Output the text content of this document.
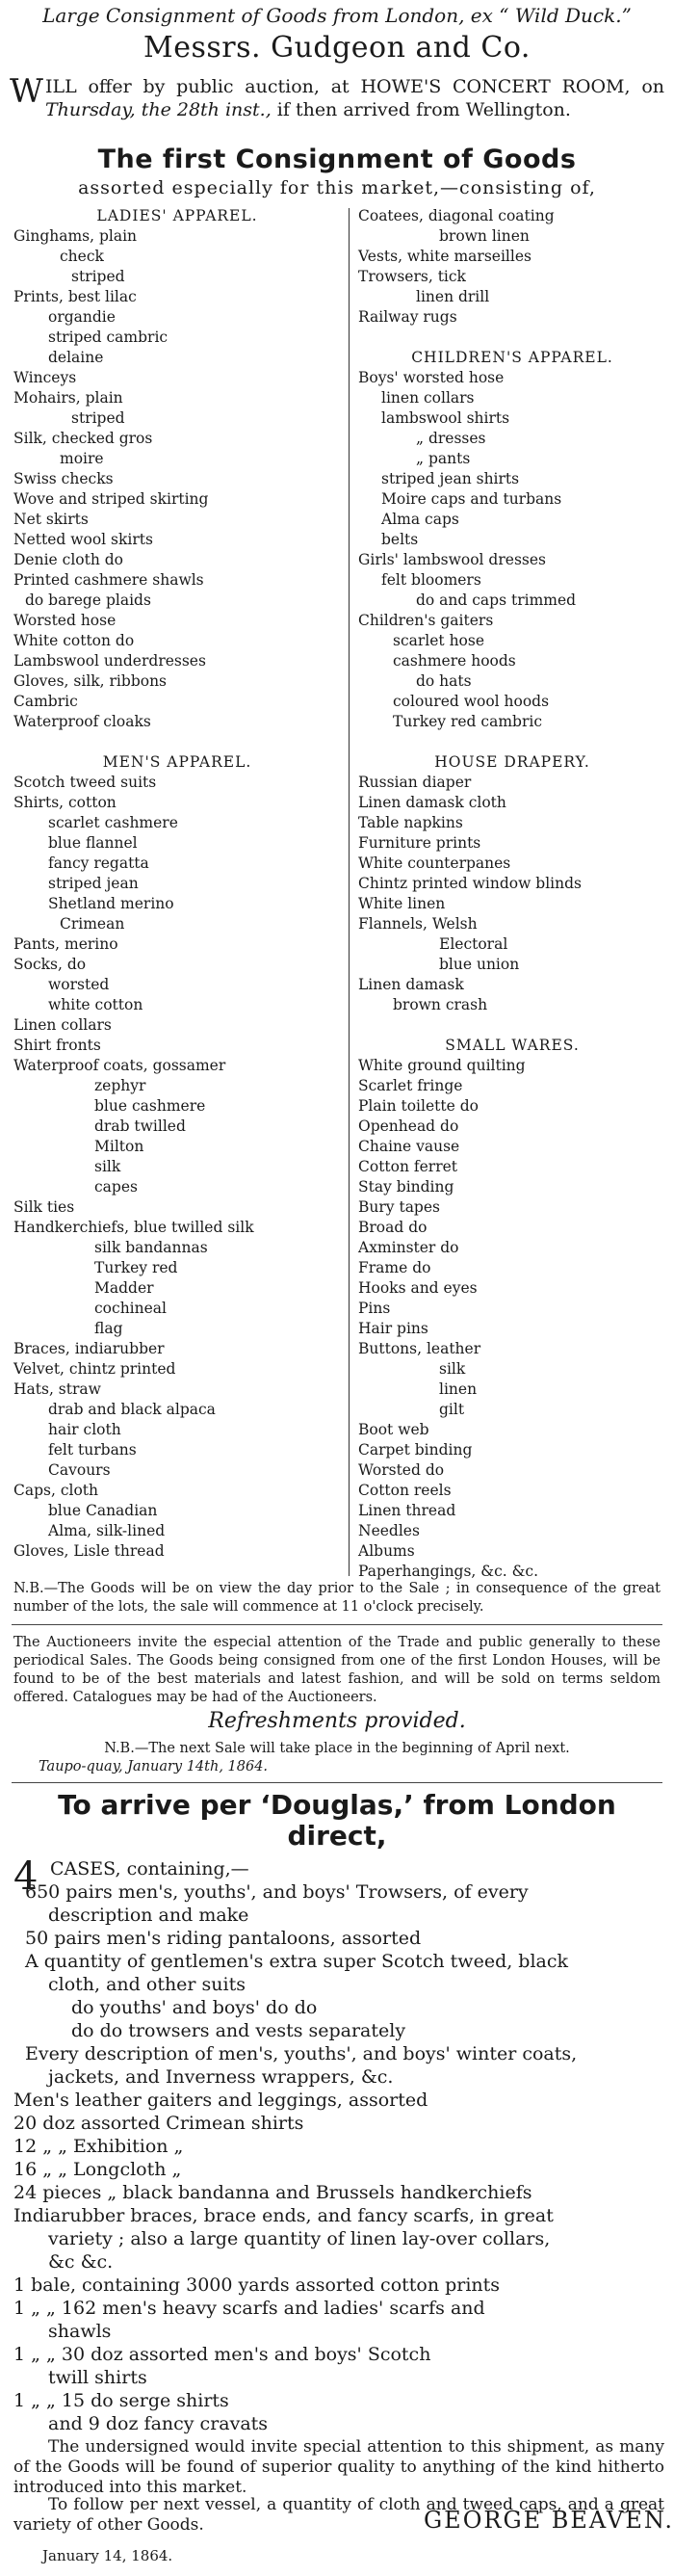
Large Consignment of Goods from London, ex “ Wild Duck.”
Messrs. Gudgeon and Co.
W ILL offer by public auction, at HOWE'S CONCERT ROOM, on Thursday, the 28th inst., if then arrived from Wellington.
The first Consignment of Goods
assorted especially for this market,—consisting of,
LADIES' APPAREL.
Ginghams, plain
check
striped
Prints, best lilac
organdie
striped cambric
delaine
Winceys
Mohairs, plain
striped
Silk, checked gros
moire
Swiss checks
Wove and striped skirting
Net skirts
Netted wool skirts
Denie cloth do
Printed cashmere shawls
do barege plaids
Worsted hose
White cotton do
Lambswool underdresses
Gloves, silk, ribbons
Cambric
Waterproof cloaks
MEN'S APPAREL.
Scotch tweed suits
Shirts, cotton
scarlet cashmere
blue flannel
fancy regatta
striped jean
Shetland merino
Crimean
Pants, merino
Socks, do
worsted
white cotton
Linen collars
Shirt fronts
Waterproof coats, gossamer
zephyr
blue cashmere
drab twilled
Milton
silk
capes
Silk ties
Handkerchiefs, blue twilled silk
silk bandannas
Turkey red
Madder
cochineal
flag
Braces, indiarubber
Velvet, chintz printed
Hats, straw
drab and black alpaca
hair cloth
felt turbans
Cavours
Caps, cloth
blue Canadian
Alma, silk-lined
Gloves, Lisle thread
Coatees, diagonal coating
brown linen
Vests, white marseilles
Trowsers, tick
linen drill
Railway rugs
CHILDREN'S APPAREL.
Boys' worsted hose
linen collars
lambswool shirts
„ dresses
„ pants
striped jean shirts
Moire caps and turbans
Alma caps
belts
Girls' lambswool dresses
felt bloomers
do and caps trimmed
Children's gaiters
scarlet hose
cashmere hoods
do hats
coloured wool hoods
Turkey red cambric
HOUSE DRAPERY.
Russian diaper
Linen damask cloth
Table napkins
Furniture prints
White counterpanes
Chintz printed window blinds
White linen
Flannels, Welsh
Electoral
blue union
Linen damask
brown crash
SMALL WARES.
White ground quilting
Scarlet fringe
Plain toilette do
Openhead do
Chaine vause
Cotton ferret
Stay binding
Bury tapes
Broad do
Axminster do
Frame do
Hooks and eyes
Pins
Hair pins
Buttons, leather
silk
linen
gilt
Boot web
Carpet binding
Worsted do
Cotton reels
Linen thread
Needles
Albums
Paperhangings, &c. &c.
N.B.—The Goods will be on view the day prior to the Sale ; in consequence of the great number of the lots, the sale will commence at 11 o'clock precisely.
The Auctioneers invite the especial attention of the Trade and public generally to these periodical Sales. The Goods being consigned from one of the first London Houses, will be found to be of the best materials and latest fashion, and will be sold on terms seldom offered. Catalogues may be had of the Auctioneers.
Refreshments provided.
N.B.—The next Sale will take place in the beginning of April next.
Taupo-quay, January 14th, 1864.
To arrive per ‘Douglas,’ from London
direct,
4 CASES, containing,—
650 pairs men's, youths', and boys' Trowsers, of every
description and make
50 pairs men's riding pantaloons, assorted
A quantity of gentlemen's extra super Scotch tweed, black
cloth, and other suits
do youths' and boys' do do
do do trowsers and vests separately
Every description of men's, youths', and boys' winter coats,
jackets, and Inverness wrappers, &c.
Men's leather gaiters and leggings, assorted
20 doz assorted Crimean shirts
12 „ „ Exhibition „
16 „ „ Longcloth „
24 pieces „ black bandanna and Brussels handkerchiefs
Indiarubber braces, brace ends, and fancy scarfs, in great
variety ; also a large quantity of linen lay-over collars,
&c &c.
1 bale, containing 3000 yards assorted cotton prints
1 „ „ 162 men's heavy scarfs and ladies' scarfs and
shawls
1 „ „ 30 doz assorted men's and boys' Scotch
twill shirts
1 „ „ 15 do serge shirts
and 9 doz fancy cravats
The undersigned would invite special attention to this shipment, as many of the Goods will be found of superior quality to anything of the kind hitherto introduced into this market.
GEORGE BEAVEN.
January 14, 1864.
To follow per next vessel, a quantity of cloth and tweed caps, and a great variety of other Goods.
